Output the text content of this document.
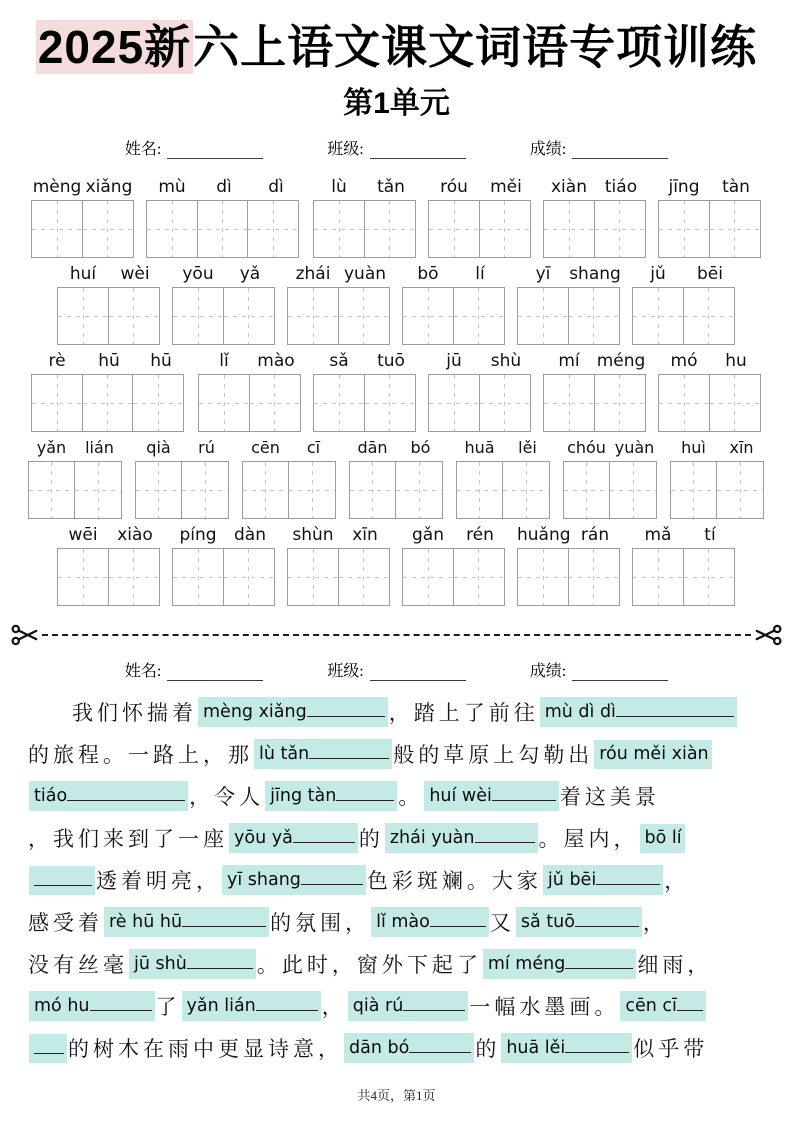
2025新六上语文课文词语专项训练
第1单元
姓名:	班级:	成绩:
mèng xiǎng	mù	dì	dì	lù	tǎn	róu	měi	xiàn	tiáo	jīng	tàn
huí	wèi	yōu	yǎ	zhái yuàn	bō	lí	yī	shang	jǔ	bēi
rè	hū	hū	lǐ	mào	sǎ	tuō	jū	shù	mí	méng	mó	hu
yǎn	lián	qià	rú	cēn	cī	dān	bó	huā	lěi	chóu yuàn	huì	xīn
wēi	xiào	píng	dàn	shùn	xīn	gǎn	rén	huǎng rán	mǎ	tí
姓名:	班级:	成绩:
我们怀揣着 mèng xiǎng	，踏上了前往 mù dì dì
的旅程。一路上，那 lù tǎn	般的草原上勾勒出 róu měi xiàn
tiáo	，令人 jīng tàn	。 huí wèi	着这美景
，我们来到了一座 yōu yǎ	的 zhái yuàn	。屋内， bō lí
透着明亮， yī shang	色彩斑斓。大家 jǔ bēi	，
感受着 rè hū hū	的氛围， lǐ mào	又 sǎ tuō	，
没有丝毫 jū shù	。此时，窗外下起了 mí méng	细雨，
mó hu	了 yǎn lián	， qià rú	一幅水墨画。 cēn cī
的树木在雨中更显诗意， dān bó	的 huā lěi	似乎带
共4页，第1页
